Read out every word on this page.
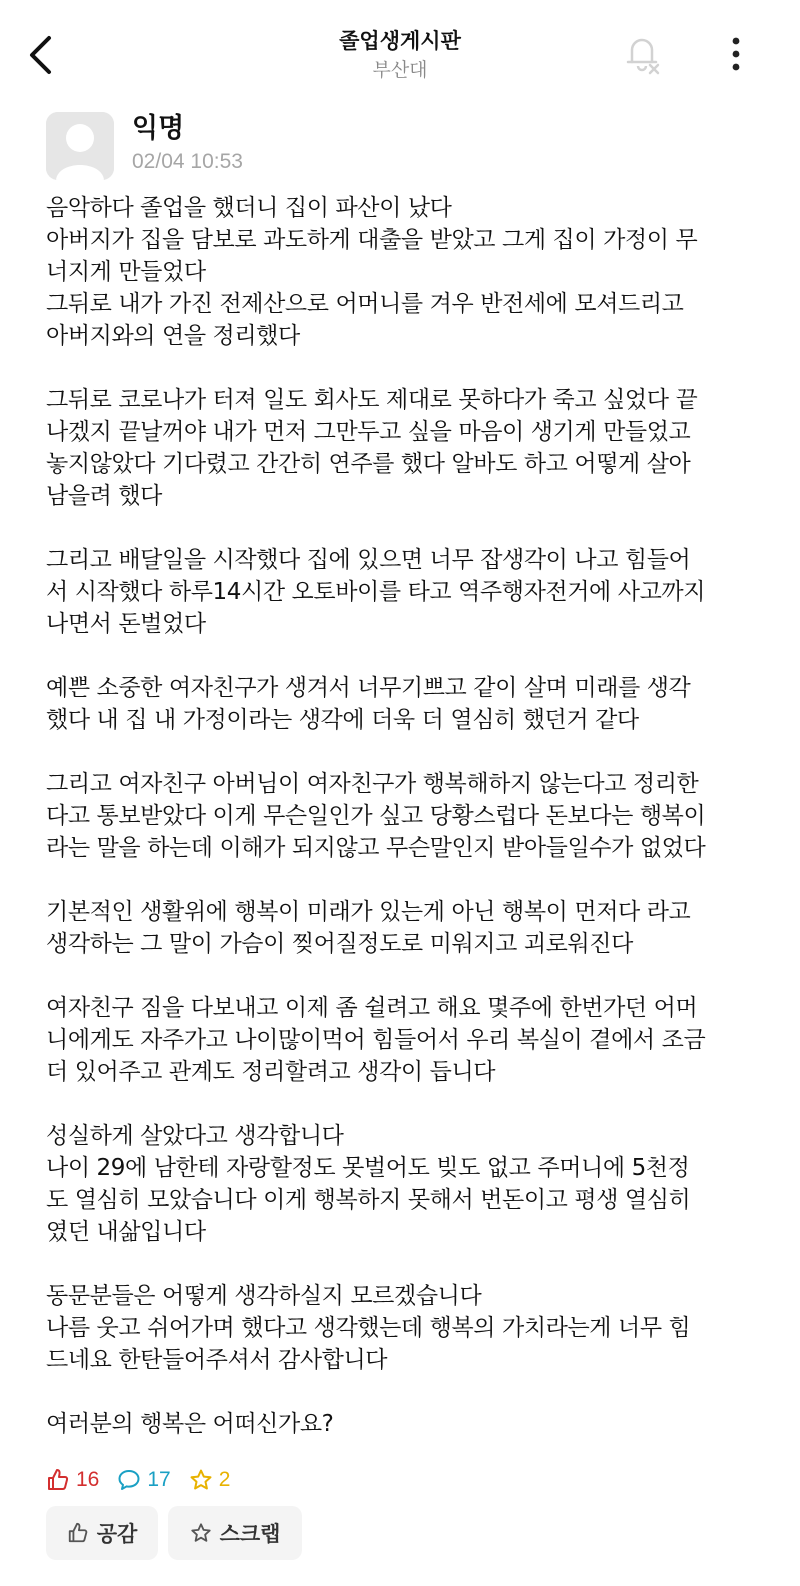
졸업생게시판
부산대
익명
02/04 10:53
음악하다 졸업을 했더니 집이 파산이 났다
아버지가 집을 담보로 과도하게 대출을 받았고 그게 집이 가정이 무
너지게 만들었다
그뒤로 내가 가진 전제산으로 어머니를 겨우 반전세에 모셔드리고
아버지와의 연을 정리했다
그뒤로 코로나가 터져 일도 회사도 제대로 못하다가 죽고 싶었다 끝
나겠지 끝날꺼야 내가 먼저 그만두고 싶을 마음이 생기게 만들었고
놓지않았다 기다렸고 간간히 연주를 했다 알바도 하고 어떻게 살아
남을려 했다
그리고 배달일을 시작했다 집에 있으면 너무 잡생각이 나고 힘들어
서 시작했다 하루14시간 오토바이를 타고 역주행자전거에 사고까지
나면서 돈벌었다
예쁜 소중한 여자친구가 생겨서 너무기쁘고 같이 살며 미래를 생각
했다 내 집 내 가정이라는 생각에 더욱 더 열심히 했던거 같다
그리고 여자친구 아버님이 여자친구가 행복해하지 않는다고 정리한
다고 통보받았다 이게 무슨일인가 싶고 당황스럽다 돈보다는 행복이
라는 말을 하는데 이해가 되지않고 무슨말인지 받아들일수가 없었다
기본적인 생활위에 행복이 미래가 있는게 아닌 행복이 먼저다 라고
생각하는 그 말이 가슴이 찢어질정도로 미워지고 괴로워진다
여자친구 짐을 다보내고 이제 좀 쉴려고 해요 몇주에 한번가던 어머
니에게도 자주가고 나이많이먹어 힘들어서 우리 복실이 곁에서 조금
더 있어주고 관계도 정리할려고 생각이 듭니다
성실하게 살았다고 생각합니다
나이 29에 남한테 자랑할정도 못벌어도 빚도 없고 주머니에 5천정
도 열심히 모았습니다 이게 행복하지 못해서 번돈이고 평생 열심히
였던 내삶입니다
동문분들은 어떻게 생각하실지 모르겠습니다
나름 웃고 쉬어가며 했다고 생각했는데 행복의 가치라는게 너무 힘
드네요 한탄들어주셔서 감사합니다
여러분의 행복은 어떠신가요?
16 17 2
공감	스크랩
